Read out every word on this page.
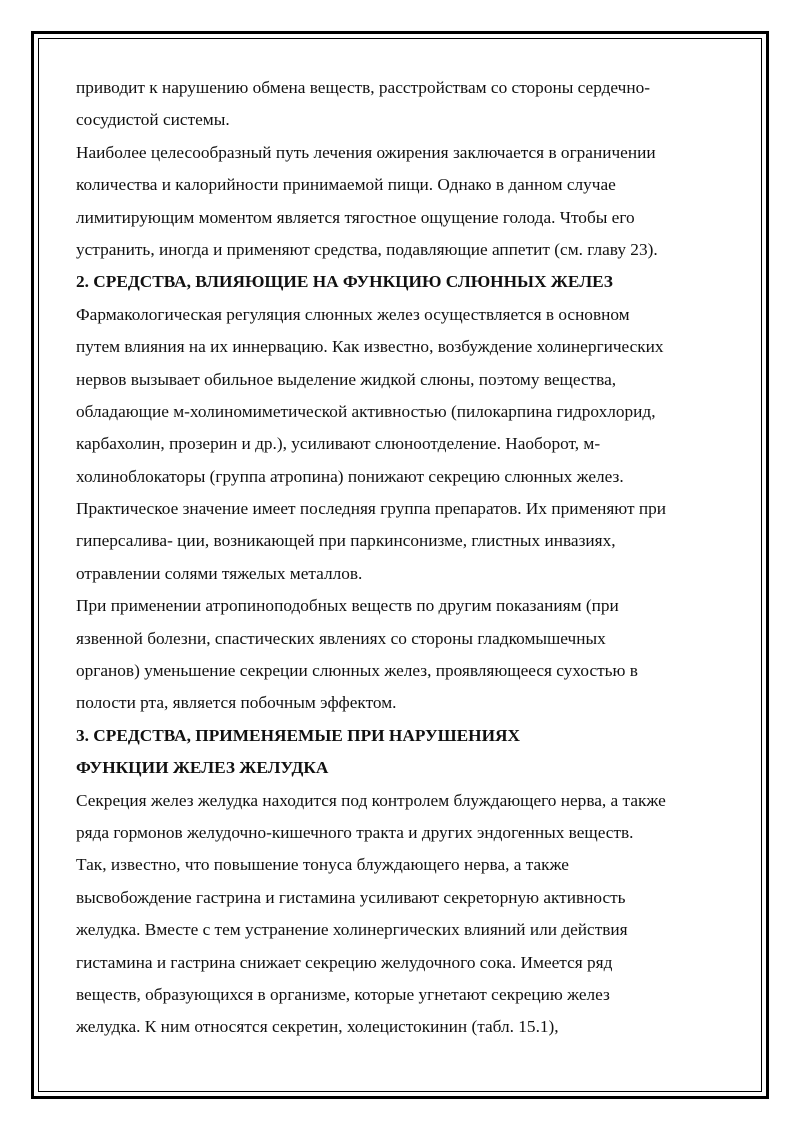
приводит к нарушению обмена веществ, расстройствам со стороны сердечно-
сосудистой системы.
Наиболее целесообразный путь лечения ожирения заключается в ограничении
количества и калорийности принимаемой пищи. Однако в данном случае
лимитирующим моментом является тягостное ощущение голода. Чтобы его
устранить, иногда и применяют средства, подавляющие аппетит (см. главу 23).
2. СРЕДСТВА, ВЛИЯЮЩИЕ НА ФУНКЦИЮ СЛЮННЫХ ЖЕЛЕЗ
Фармакологическая регуляция слюнных желез осуществляется в основном
путем влияния на их иннервацию. Как известно, возбуждение холинергических
нервов вызывает обильное выделение жидкой слюны, поэтому вещества,
обладающие м-холиномиметической активностью (пилокарпина гидрохлорид,
карбахолин, прозерин и др.), усиливают слюноотделение. Наоборот, м-
холиноблокаторы (группа атропина) понижают секрецию слюнных желез.
Практическое значение имеет последняя группа препаратов. Их применяют при
гиперсалива- ции, возникающей при паркинсонизме, глистных инвазиях,
отравлении солями тяжелых металлов.
При применении атропиноподобных веществ по другим показаниям (при
язвенной болезни, спастических явлениях со стороны гладкомышечных
органов) уменьшение секреции слюнных желез, проявляющееся сухостью в
полости рта, является побочным эффектом.
3. СРЕДСТВА, ПРИМЕНЯЕМЫЕ ПРИ НАРУШЕНИЯХ
ФУНКЦИИ ЖЕЛЕЗ ЖЕЛУДКА
Секреция желез желудка находится под контролем блуждающего нерва, а также
ряда гормонов желудочно-кишечного тракта и других эндогенных веществ.
Так, известно, что повышение тонуса блуждающего нерва, а также
высвобождение гастрина и гистамина усиливают секреторную активность
желудка. Вместе с тем устранение холинергических влияний или действия
гистамина и гастрина снижает секрецию желудочного сока. Имеется ряд
веществ, образующихся в организме, которые угнетают секрецию желез
желудка. К ним относятся секретин, холецистокинин (табл. 15.1),
